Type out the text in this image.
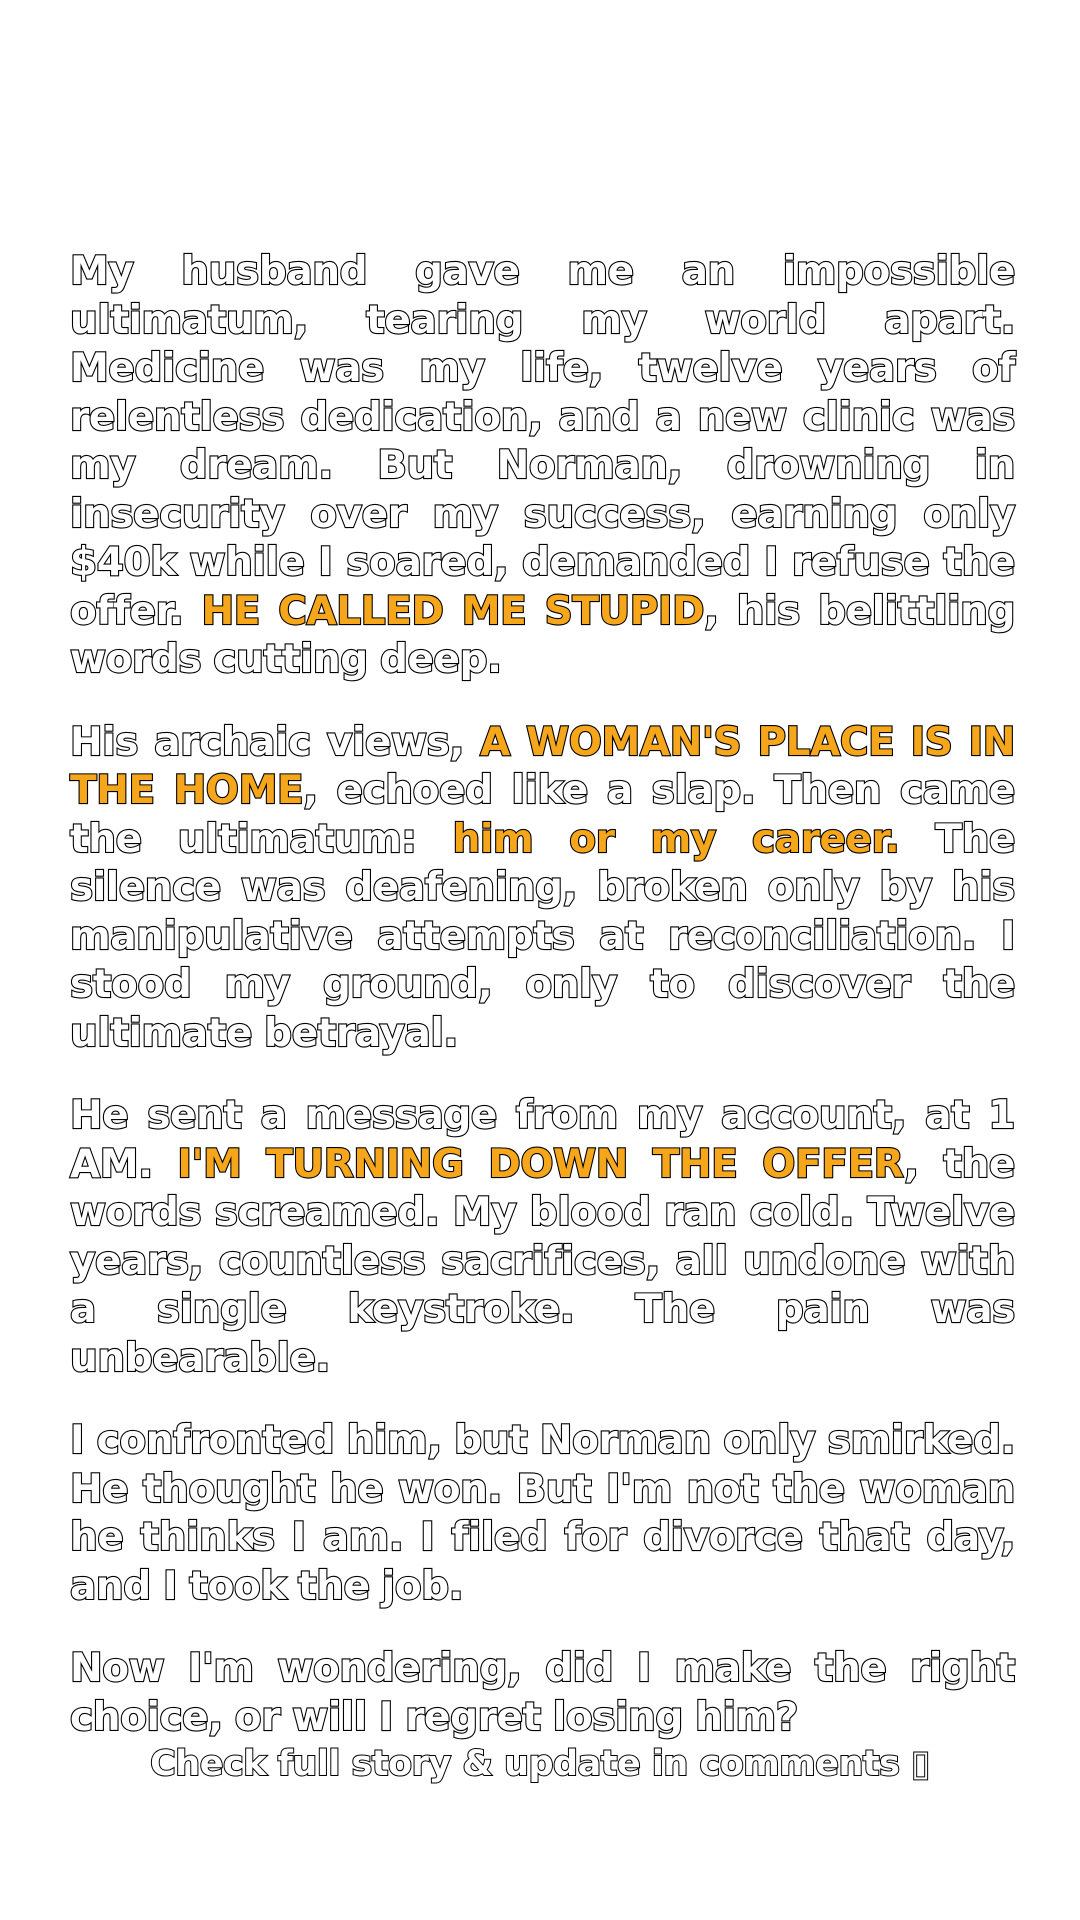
My husband gave me an impossible ultimatum, tearing my world apart. Medicine was my life, twelve years of relentless dedication, and a new clinic was my dream. But Norman, drowning in insecurity over my success, earning only $40k while I soared, demanded I refuse the offer. HE CALLED ME STUPID, his belittling words cutting deep.

His archaic views, A WOMAN'S PLACE IS IN THE HOME, echoed like a slap. Then came the ultimatum: him or my career. The silence was deafening, broken only by his manipulative attempts at reconciliation. I stood my ground, only to discover the ultimate betrayal.

He sent a message from my account, at 1 AM. I'M TURNING DOWN THE OFFER, the words screamed. My blood ran cold. Twelve years, countless sacrifices, all undone with a single keystroke. The pain was unbearable.

I confronted him, but Norman only smirked. He thought he won. But I'm not the woman he thinks I am. I filed for divorce that day, and I took the job.

Now I'm wondering, did I make the right choice, or will I regret losing him?

Check full story & update in comments ▯
